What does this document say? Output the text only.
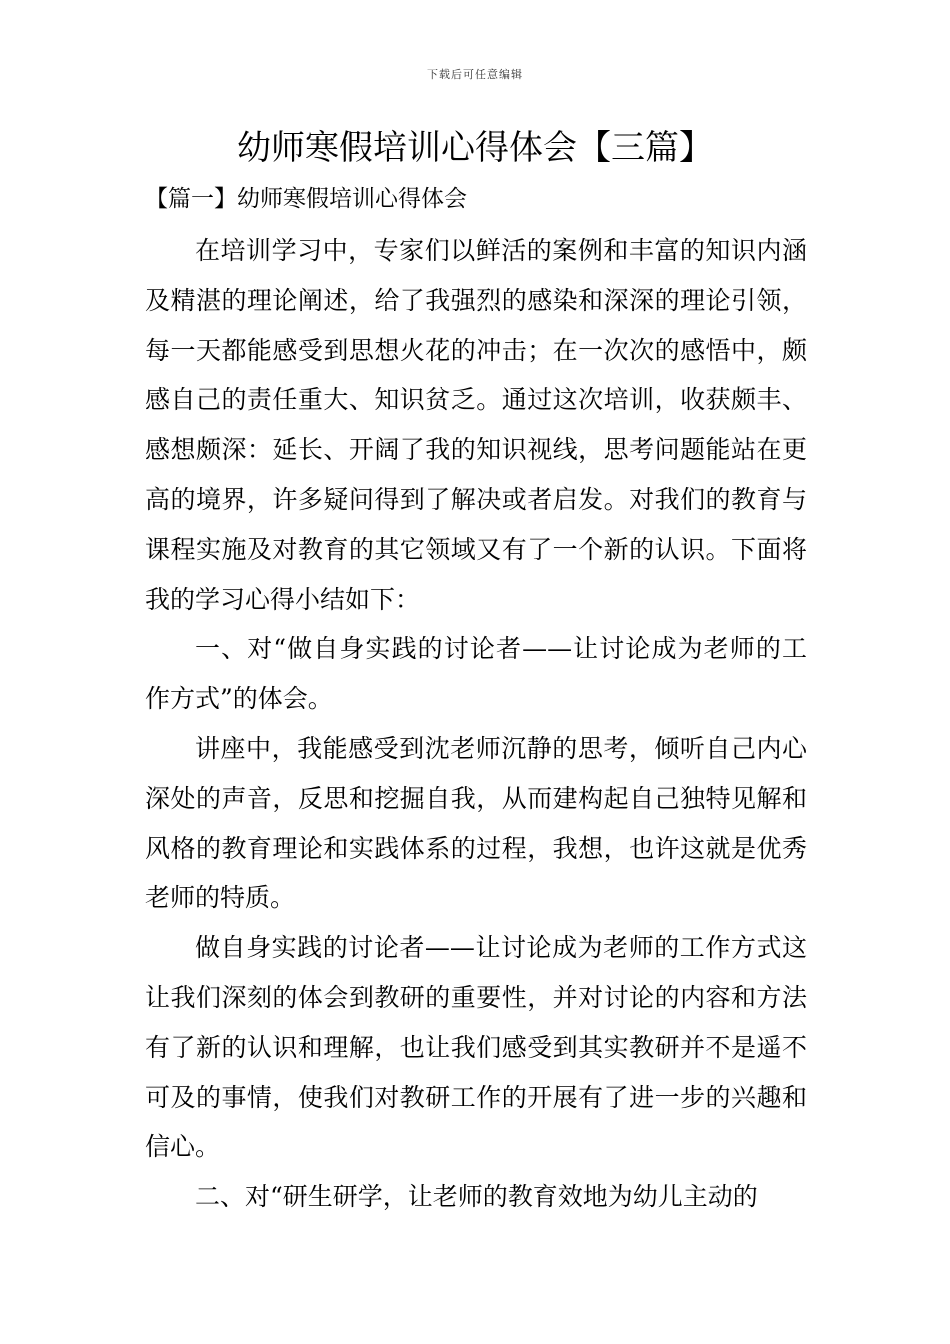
下载后可任意编辑
幼师寒假培训心得体会【三篇】
【篇一】幼师寒假培训心得体会

在培训学习中，专家们以鲜活的案例和丰富的知识内涵及精湛的理论阐述，给了我强烈的感染和深深的理论引领，每一天都能感受到思想火花的冲击；在一次次的感悟中，颇感自己的责任重大、知识贫乏。通过这次培训，收获颇丰、感想颇深：延长、开阔了我的知识视线，思考问题能站在更高的境界，许多疑问得到了解决或者启发。对我们的教育与课程实施及对教育的其它领域又有了一个新的认识。下面将我的学习心得小结如下：

一、对“做自身实践的讨论者——让讨论成为老师的工作方式”的体会。

讲座中，我能感受到沈老师沉静的思考，倾听自己内心深处的声音，反思和挖掘自我，从而建构起自己独特见解和风格的教育理论和实践体系的过程，我想，也许这就是优秀老师的特质。

做自身实践的讨论者——让讨论成为老师的工作方式这让我们深刻的体会到教研的重要性，并对讨论的内容和方法有了新的认识和理解，也让我们感受到其实教研并不是遥不可及的事情，使我们对教研工作的开展有了进一步的兴趣和信心。

二、对“研生研学，让老师的教育效地为幼儿主动的
